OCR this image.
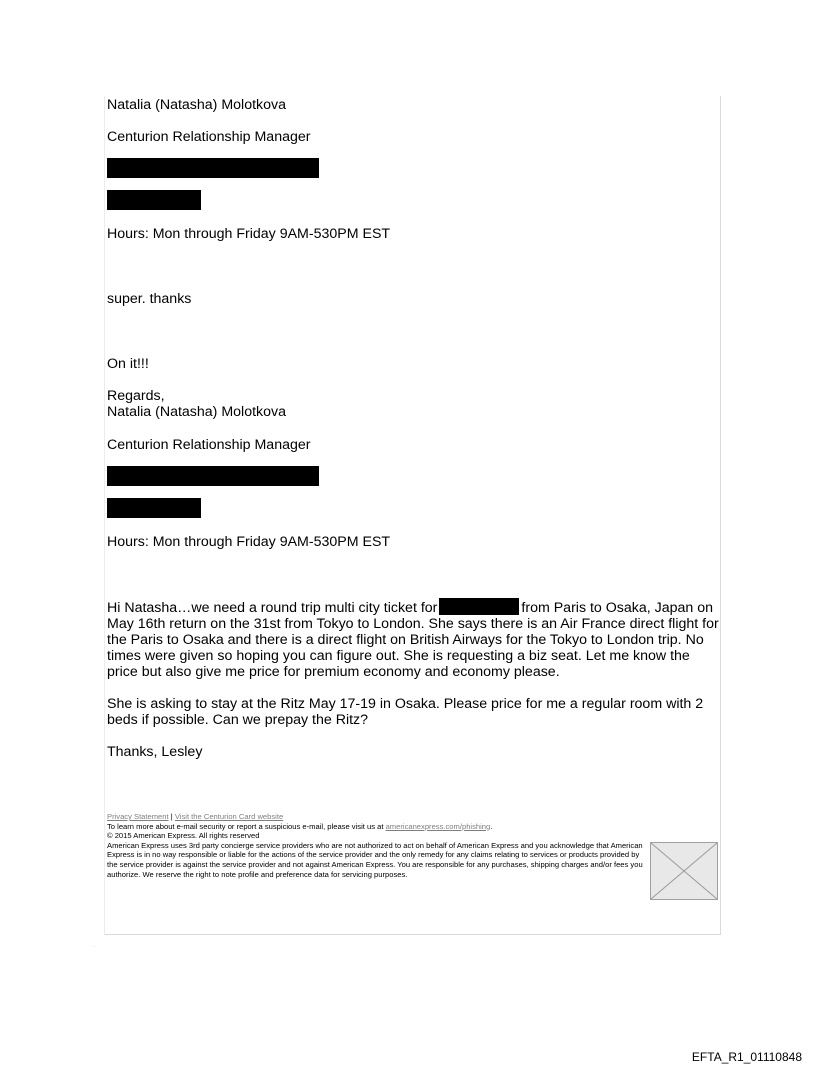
Natalia (Natasha) Molotkova
Centurion Relationship Manager
Hours: Mon through Friday 9AM-530PM EST
super. thanks
On it!!!
Regards,
Natalia (Natasha) Molotkova
Centurion Relationship Manager
Hours: Mon through Friday 9AM-530PM EST
Hi Natasha…we need a round trip multi city ticket for	from Paris to Osaka, Japan on May 16th return on the 31st from Tokyo to London. She says there is an Air France direct flight for the Paris to Osaka and there is a direct flight on British Airways for the Tokyo to London trip. No times were given so hoping you can figure out. She is requesting a biz seat. Let me know the price but also give me price for premium economy and economy please.
She is asking to stay at the Ritz May 17-19 in Osaka. Please price for me a regular room with 2 beds if possible. Can we prepay the Ritz?
Thanks, Lesley
Privacy Statement | Visit the Centurion Card website
To learn more about e-mail security or report a suspicious e-mail, please visit us at americanexpress.com/phishing.
© 2015 American Express. All rights reserved
American Express uses 3rd party concierge service providers who are not authorized to act on behalf of American Express and you acknowledge that American Express is in no way responsible or liable for the actions of the service provider and the only remedy for any claims relating to services or products provided by the service provider is against the service provider and not against American Express. You are responsible for any purchases, shipping charges and/or fees you authorize. We reserve the right to note profile and preference data for servicing purposes.
·
EFTA_R1_01110848
